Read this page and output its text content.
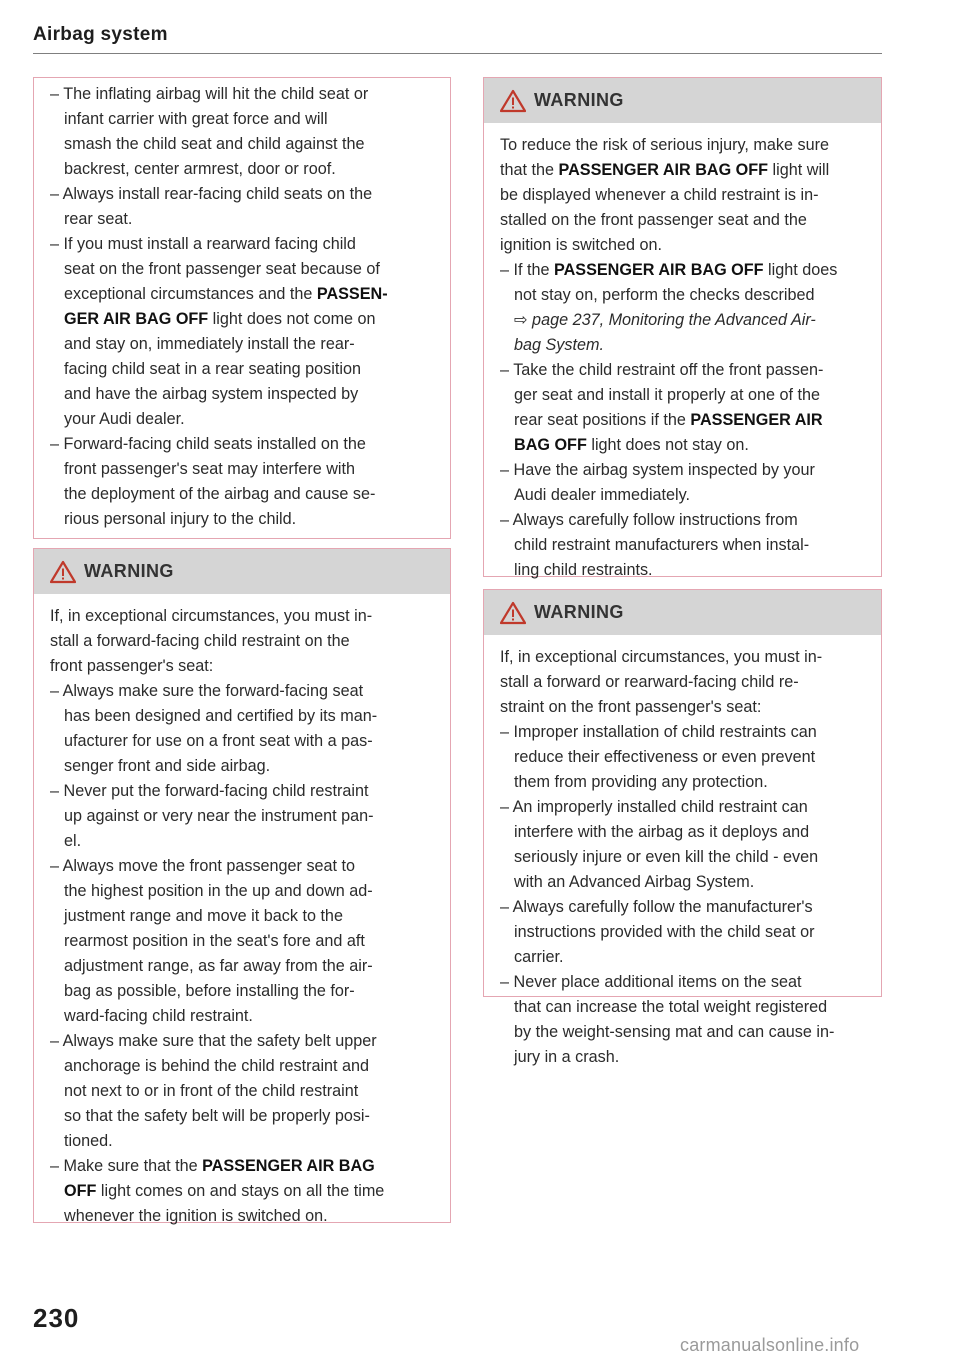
Airbag system
– The inflating airbag will hit the child seat or
infant carrier with great force and will
smash the child seat and child against the
backrest, center armrest, door or roof.
– Always install rear-facing child seats on the
rear seat.
– If you must install a rearward facing child
seat on the front passenger seat because of
exceptional circumstances and the PASSEN-
GER AIR BAG OFF light does not come on
and stay on, immediately install the rear-
facing child seat in a rear seating position
and have the airbag system inspected by
your Audi dealer.
– Forward-facing child seats installed on the
front passenger's seat may interfere with
the deployment of the airbag and cause se-
rious personal injury to the child.
WARNING
If, in exceptional circumstances, you must in-
stall a forward-facing child restraint on the
front passenger's seat:
– Always make sure the forward-facing seat
has been designed and certified by its man-
ufacturer for use on a front seat with a pas-
senger front and side airbag.
– Never put the forward-facing child restraint
up against or very near the instrument pan-
el.
– Always move the front passenger seat to
the highest position in the up and down ad-
justment range and move it back to the
rearmost position in the seat's fore and aft
adjustment range, as far away from the air-
bag as possible, before installing the for-
ward-facing child restraint.
– Always make sure that the safety belt upper
anchorage is behind the child restraint and
not next to or in front of the child restraint
so that the safety belt will be properly posi-
tioned.
– Make sure that the PASSENGER AIR BAG
OFF light comes on and stays on all the time
whenever the ignition is switched on.
WARNING
To reduce the risk of serious injury, make sure
that the PASSENGER AIR BAG OFF light will
be displayed whenever a child restraint is in-
stalled on the front passenger seat and the
ignition is switched on.
– If the PASSENGER AIR BAG OFF light does
not stay on, perform the checks described
⇨ page 237, Monitoring the Advanced Air-
bag System.
– Take the child restraint off the front passen-
ger seat and install it properly at one of the
rear seat positions if the PASSENGER AIR
BAG OFF light does not stay on.
– Have the airbag system inspected by your
Audi dealer immediately.
– Always carefully follow instructions from
child restraint manufacturers when instal-
ling child restraints.
WARNING
If, in exceptional circumstances, you must in-
stall a forward or rearward-facing child re-
straint on the front passenger's seat:
– Improper installation of child restraints can
reduce their effectiveness or even prevent
them from providing any protection.
– An improperly installed child restraint can
interfere with the airbag as it deploys and
seriously injure or even kill the child - even
with an Advanced Airbag System.
– Always carefully follow the manufacturer's
instructions provided with the child seat or
carrier.
– Never place additional items on the seat
that can increase the total weight registered
by the weight-sensing mat and can cause in-
jury in a crash.
230
carmanualsonline.info
